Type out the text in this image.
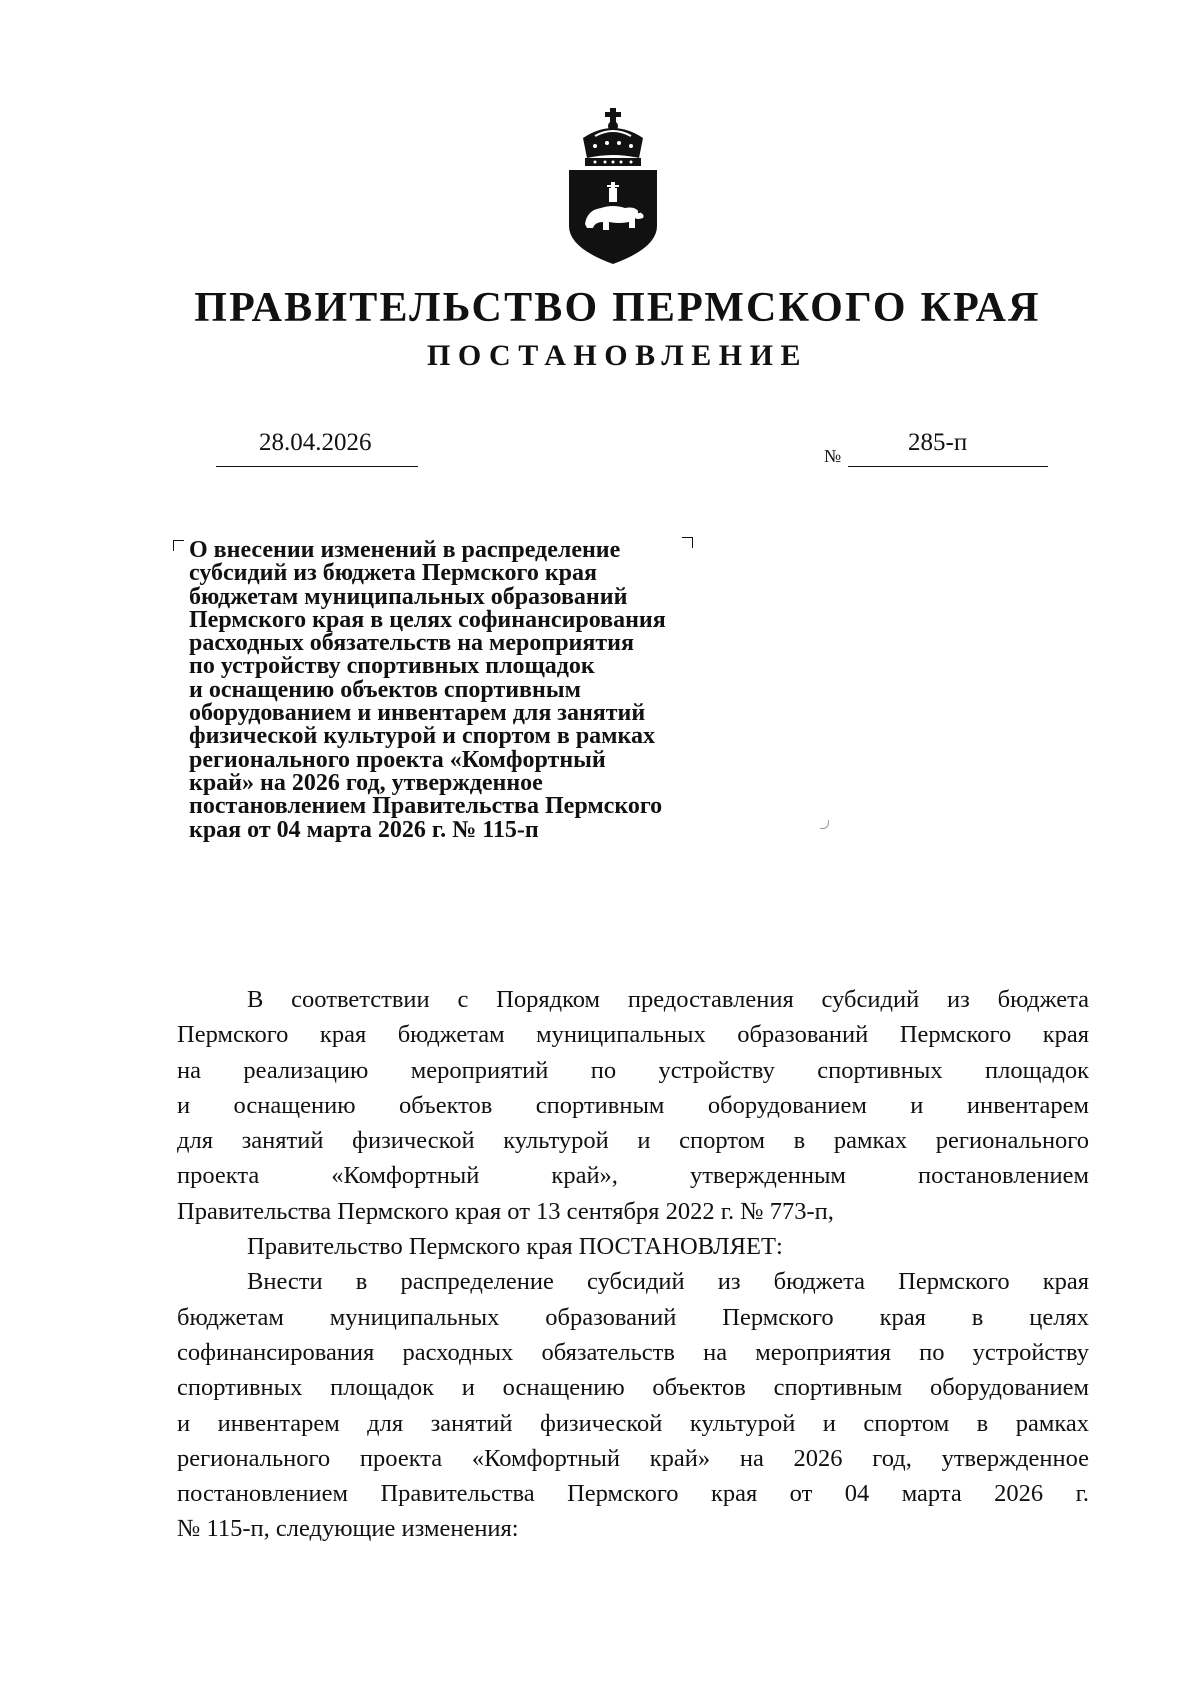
ПРАВИТЕЛЬСТВО ПЕРМСКОГО КРАЯ
ПОСТАНОВЛЕНИЕ
28.04.2026	№	285-п
О внесении изменений в распределение
субсидий из бюджета Пермского края
бюджетам муниципальных образований
Пермского края в целях софинансирования
расходных обязательств на мероприятия
по устройству спортивных площадок
и оснащению объектов спортивным
оборудованием и инвентарем для занятий
физической культурой и спортом в рамках
регионального проекта «Комфортный
край» на 2026 год, утвержденное
постановлением Правительства Пермского
края от 04 марта 2026 г. № 115-п
В соответствии с Порядком предоставления субсидий из бюджета
Пермского края бюджетам муниципальных образований Пермского края
на реализацию мероприятий по устройству спортивных площадок
и оснащению объектов спортивным оборудованием и инвентарем
для занятий физической культурой и спортом в рамках регионального
проекта «Комфортный край», утвержденным постановлением
Правительства Пермского края от 13 сентября 2022 г. № 773-п,
Правительство Пермского края ПОСТАНОВЛЯЕТ:
Внести в распределение субсидий из бюджета Пермского края
бюджетам муниципальных образований Пермского края в целях
софинансирования расходных обязательств на мероприятия по устройству
спортивных площадок и оснащению объектов спортивным оборудованием
и инвентарем для занятий физической культурой и спортом в рамках
регионального проекта «Комфортный край» на 2026 год, утвержденное
постановлением Правительства Пермского края от 04 марта 2026 г.
№ 115-п, следующие изменения:
